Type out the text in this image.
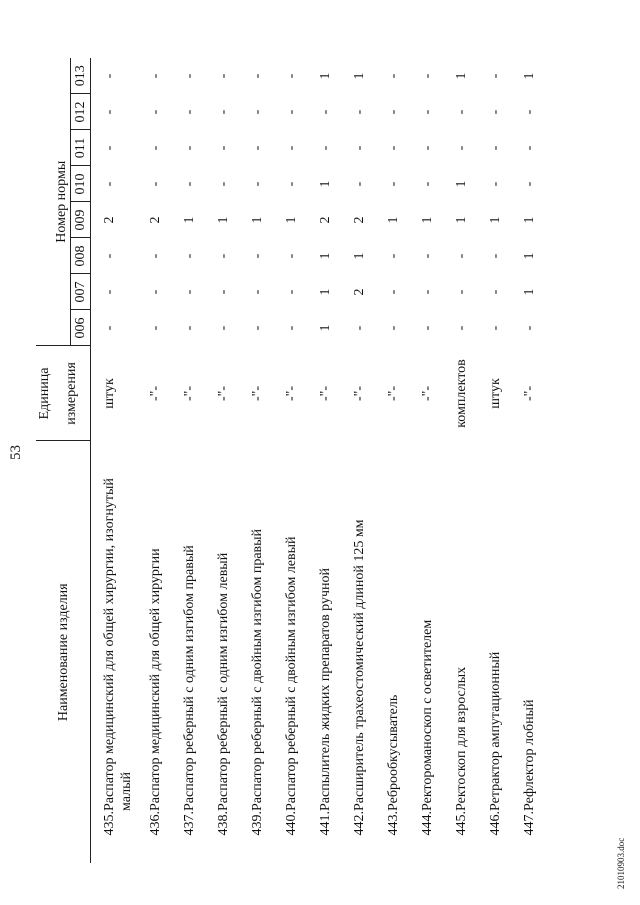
53
Наименование изделия		Единица								
		измерения	Номер нормы							
			006	007	008	009	010	011	012	013
435.	Распатор медицинский для общей хирургии, изогнутый малый	штук	-	-	-	2	-	-	-	-
436.	Распатор медицинский для общей хирургии	-"-	-	-	-	2	-	-	-	-
437.	Распатор реберный с одним изгибом правый	-"-	-	-	-	1	-	-	-	-
438.	Распатор реберный с одним изгибом левый	-"-	-	-	-	1	-	-	-	-
439.	Распатор реберный с двойным изгибом правый	-"-	-	-	-	1	-	-	-	-
440.	Распатор реберный с двойным изгибом левый	-"-	-	-	-	1	-	-	-	-
441.	Распылитель жидких препаратов ручной	-"-	1	1	1	2	1	-	-	1
442.	Расширитель трахеостомический длиной 125 мм	-"-	-	2	1	2	-	-	-	1
443.	Реброобкусыватель	-"-	-	-	-	1	-	-	-	-
444.	Ректороманоскоп с осветителем	-"-	-	-	-	1	-	-	-	-
445.	Ректоскоп для взрослых	комплектов	-	-	-	1	1	-	-	1
446.	Ретрактор ампутационный	штук	-	-	-	1	-	-	-	-
447.	Рефлектор лобный	-"-	-	1	1	1	-	-	-	1
21010903.doc
